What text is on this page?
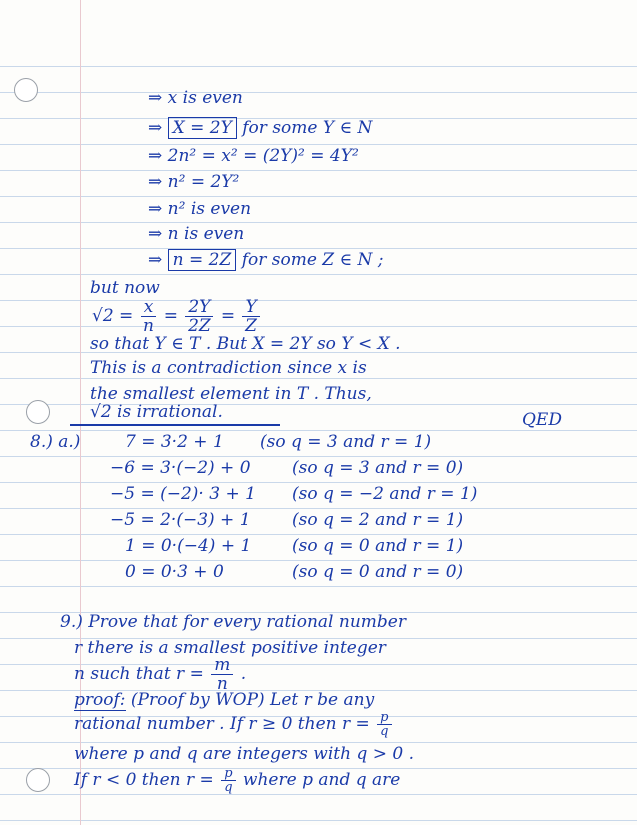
⇒ x is even
⇒ X = 2Y for some Y ∈ N
⇒ 2n² = x² = (2Y)² = 4Y²
⇒ n² = 2Y²
⇒ n² is even
⇒ n is even
⇒ n = 2Z for some Z ∈ N ;
but now
$√2 = \frac{x}{n} = \frac{2Y}{2Z} = \frac{Y}{Z}$
so that Y ∈ T . But X = 2Y so Y < X .
This is a contradiction since x is
the smallest element in T . Thus,
√2 is irrational.	QED
8.) a.)	7 = 3·2 + 1 (so q = 3 and r = 1)
−6 = 3·(−2) + 0 (so q = 3 and r = 0)
−5 = (−2)· 3 + 1 (so q = −2 and r = 1)
−5 = 2·(−3) + 1 (so q = 2 and r = 1)
1 = 0·(−4) + 1 (so q = 0 and r = 1)
0 = 0·3 + 0	(so q = 0 and r = 0)
9.) Prove that for every rational number
r there is a smallest positive integer
n such that $r = \frac{m}{n}$ .
proof: (Proof by WOP) Let r be any
rational number . If r ≥ 0 then $r = \frac{p}{q}$
where p and q are integers with q > 0 .
If r < 0 then $r = \frac{p}{q}$ where p and q are
